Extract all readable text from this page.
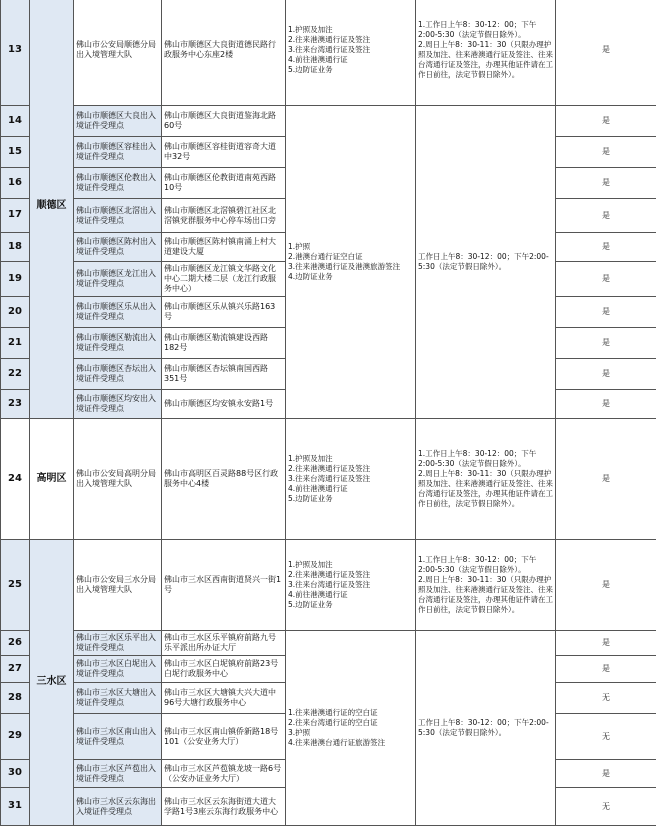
13	顺德区	佛山市公安局顺德分局出入境管理大队	佛山市顺德区大良街道德民路行政服务中心东座2楼	1.护照及加注
2.往来港澳通行证及签注
3.往来台湾通行证及签注
4.前往港澳通行证
5.边防证业务	1.工作日上午8：30-12：00；下午2:00-5:30（法定节假日除外）。
2.周日上午8：30-11：30（只限办理护照及加注、往来港澳通行证及签注、往来台湾通行证及签注，办理其他证件请在工作日前往，法定节假日除外）。	是
14		佛山市顺德区大良出入境证件受理点	佛山市顺德区大良街道鉴海北路60号	1.护照
2.港澳台通行证空白证
3.往来港澳通行证及港澳旅游签注
4.边防证业务	工作日上午8：30-12：00；下午2:00-5:30（法定节假日除外）。	是
15		佛山市顺德区容桂出入境证件受理点	佛山市顺德区容桂街道容奇大道中32号			是
16		佛山市顺德区伦教出入境证件受理点	佛山市顺德区伦教街道南苑西路10号			是
17		佛山市顺德区北滘出入境证件受理点	佛山市顺德区北滘镇碧江社区北滘镇党群服务中心停车场出口旁			是
18		佛山市顺德区陈村出入境证件受理点	佛山市顺德区陈村镇南涌上村大道建设大厦			是
19		佛山市顺德区龙江出入境证件受理点	佛山市顺德区龙江镇文华路文化中心二期大楼二层（龙江行政服务中心）			是
20		佛山市顺德区乐从出入境证件受理点	佛山市顺德区乐从镇兴乐路163号			是
21		佛山市顺德区勒流出入境证件受理点	佛山市顺德区勒流镇建设西路182号			是
22		佛山市顺德区杏坛出入境证件受理点	佛山市顺德区杏坛镇南国西路351号			是
23		佛山市顺德区均安出入境证件受理点	佛山市顺德区均安镇永安路1号			是
24	高明区	佛山市公安局高明分局出入境管理大队	佛山市高明区百灵路88号区行政服务中心4楼	1.护照及加注
2.往来港澳通行证及签注
3.往来台湾通行证及签注
4.前往港澳通行证
5.边防证业务	1.工作日上午8：30-12：00；下午2:00-5:30（法定节假日除外）。
2.周日上午8：30-11：30（只限办理护照及加注、往来港澳通行证及签注、往来台湾通行证及签注，办理其他证件请在工作日前往，法定节假日除外）。	是
25	三水区	佛山市公安局三水分局出入境管理大队	佛山市三水区西南街道贤兴一街1号	1.护照及加注
2.往来港澳通行证及签注
3.往来台湾通行证及签注
4.前往港澳通行证
5.边防证业务	1.工作日上午8：30-12：00；下午2:00-5:30（法定节假日除外）。
2.周日上午8：30-11：30（只限办理护照及加注、往来港澳通行证及签注、往来台湾通行证及签注，办理其他证件请在工作日前往，法定节假日除外）。	是
26		佛山市三水区乐平出入境证件受理点	佛山市三水区乐平镇府前路九号乐平派出所办证大厅	1.往来港澳通行证的空白证
2.往来台湾通行证的空白证
3.护照
4.往来港澳台通行证旅游签注	工作日上午8：30-12：00；下午2:00-5:30（法定节假日除外）。	是
27		佛山市三水区白坭出入境证件受理点	佛山市三水区白坭镇府前路23号白坭行政服务中心			是
28		佛山市三水区大塘出入境证件受理点	佛山市三水区大塘镇大兴大道中96号大塘行政服务中心			无
29		佛山市三水区南山出入境证件受理点	佛山市三水区南山镇侨新路18号101（公安业务大厅）			无
30		佛山市三水区芦苞出入境证件受理点	佛山市三水区芦苞镇龙坡一路6号（公安办证业务大厅）			是
31		佛山市三水区云东海出入境证件受理点	佛山市三水区云东海街道大道大学路1号3座云东海行政服务中心			无
